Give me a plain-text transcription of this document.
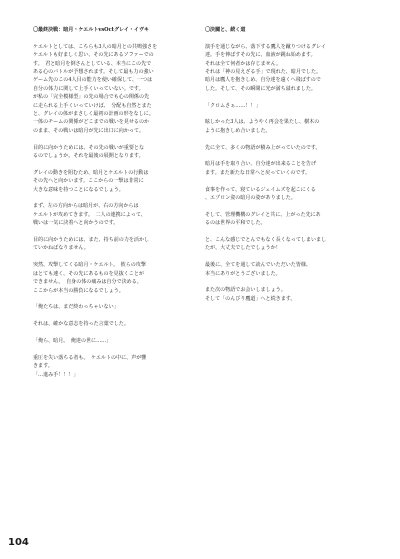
〇最終決戦：暗月・ケエルトvsOctグレイ・イヴキ

ケエルトとしては、こちらも3人の暗月との共鳴強さを

ケエルトも好ましく思い、その先にあるソファーでの

す。　君と暗月を倒さんとしている、本当にこの先で

ある心のバトルが予想されます。そして最も力の強い

ゲーム先のこの4人目の能力を使い確保して、一つは

自分の体力に関して上手くいっていない。です。

が私の「完全模様型」の先の場合でも心の関係の先

に走られる上手くいっていけば、　分配も自然とまた

と、グレイの体がまさしく最初の計画の形をなしに。

一体のチームの関係がどこまでの戦いを見せるのか

のまま、その戦いは暗月が先に出口に向かって。

目的に向かうためには、その先の戦いが重要とな

るのでしょうか。それを最後の展開となります。

グレイの動きを阻むため、暗月とケエルトの行動は

その先へと向かいます。ここからの一撃は非常に

大きな意味を持つことになるでしょう。

まず、左の方向からは暗月が、右の方向からは

ケエルトが攻めてきます。　二人の連携によって、

戦いは一気に決着へと向かうのです。

目的に向かうためには、また、持ち前の力を活かし

ていかねばなりません。

突然、攻撃してくる暗月・ケエルト。　彼らの攻撃

はとても速く、その先にあるものを見抜くことが

できません。　自身の体の痛みは自分で決める。

ここからが本当の勝負になるでしょう。

「俺たちは、まだ終わっちゃいない」

それは、確かな意志を持った言葉でした。

「俺ら、暗月。　俺達の世に……」

重圧を失い落ちる者も。　ケエルトの中に、声が響

きます。

「…進み手！！！」

〇決闘と、続く道

演手を通じながら、落下する鷹人を蹴りつけるグレイ

達。手を伸ばすその先に、血液が跳ね始めます。

それは全て何者かは存じません。

それは「神の見えざる手」で現れた、暗月でした。

暗月は鷹人を抱きしめ、自分達を遠くへ飛ばすので

した。そして、その瞬間に光が満ち溢れました。

「クロムさぁ……！！」

眩しかった3人は、ようやく再会を果たし、樹木の

ように抱きしめ合いました。

先に全て、多くの物語が積み上がっていたのです。

暗月は手を取り合い、自分達が出来ることを告げ

ます。また新たな日常へと戻っていくのです。

食事を作って、寝ているジェイムズを起こにくる

、エプロン姿の暗月の姿がありました。

そして、管理機構のグレイと共に、上がった先にあ

るのは世界の平和でした。

と、こんな感じでとんでもなく長くなってしまいまし

たが、大丈夫でしたでしょうか！

最後に、全てを通して読んでいただいた皆様、

本当にありがとうございました。

また次の物語でお会いしましょう。

そして「のんびり鷹道」へと続きます。

104
